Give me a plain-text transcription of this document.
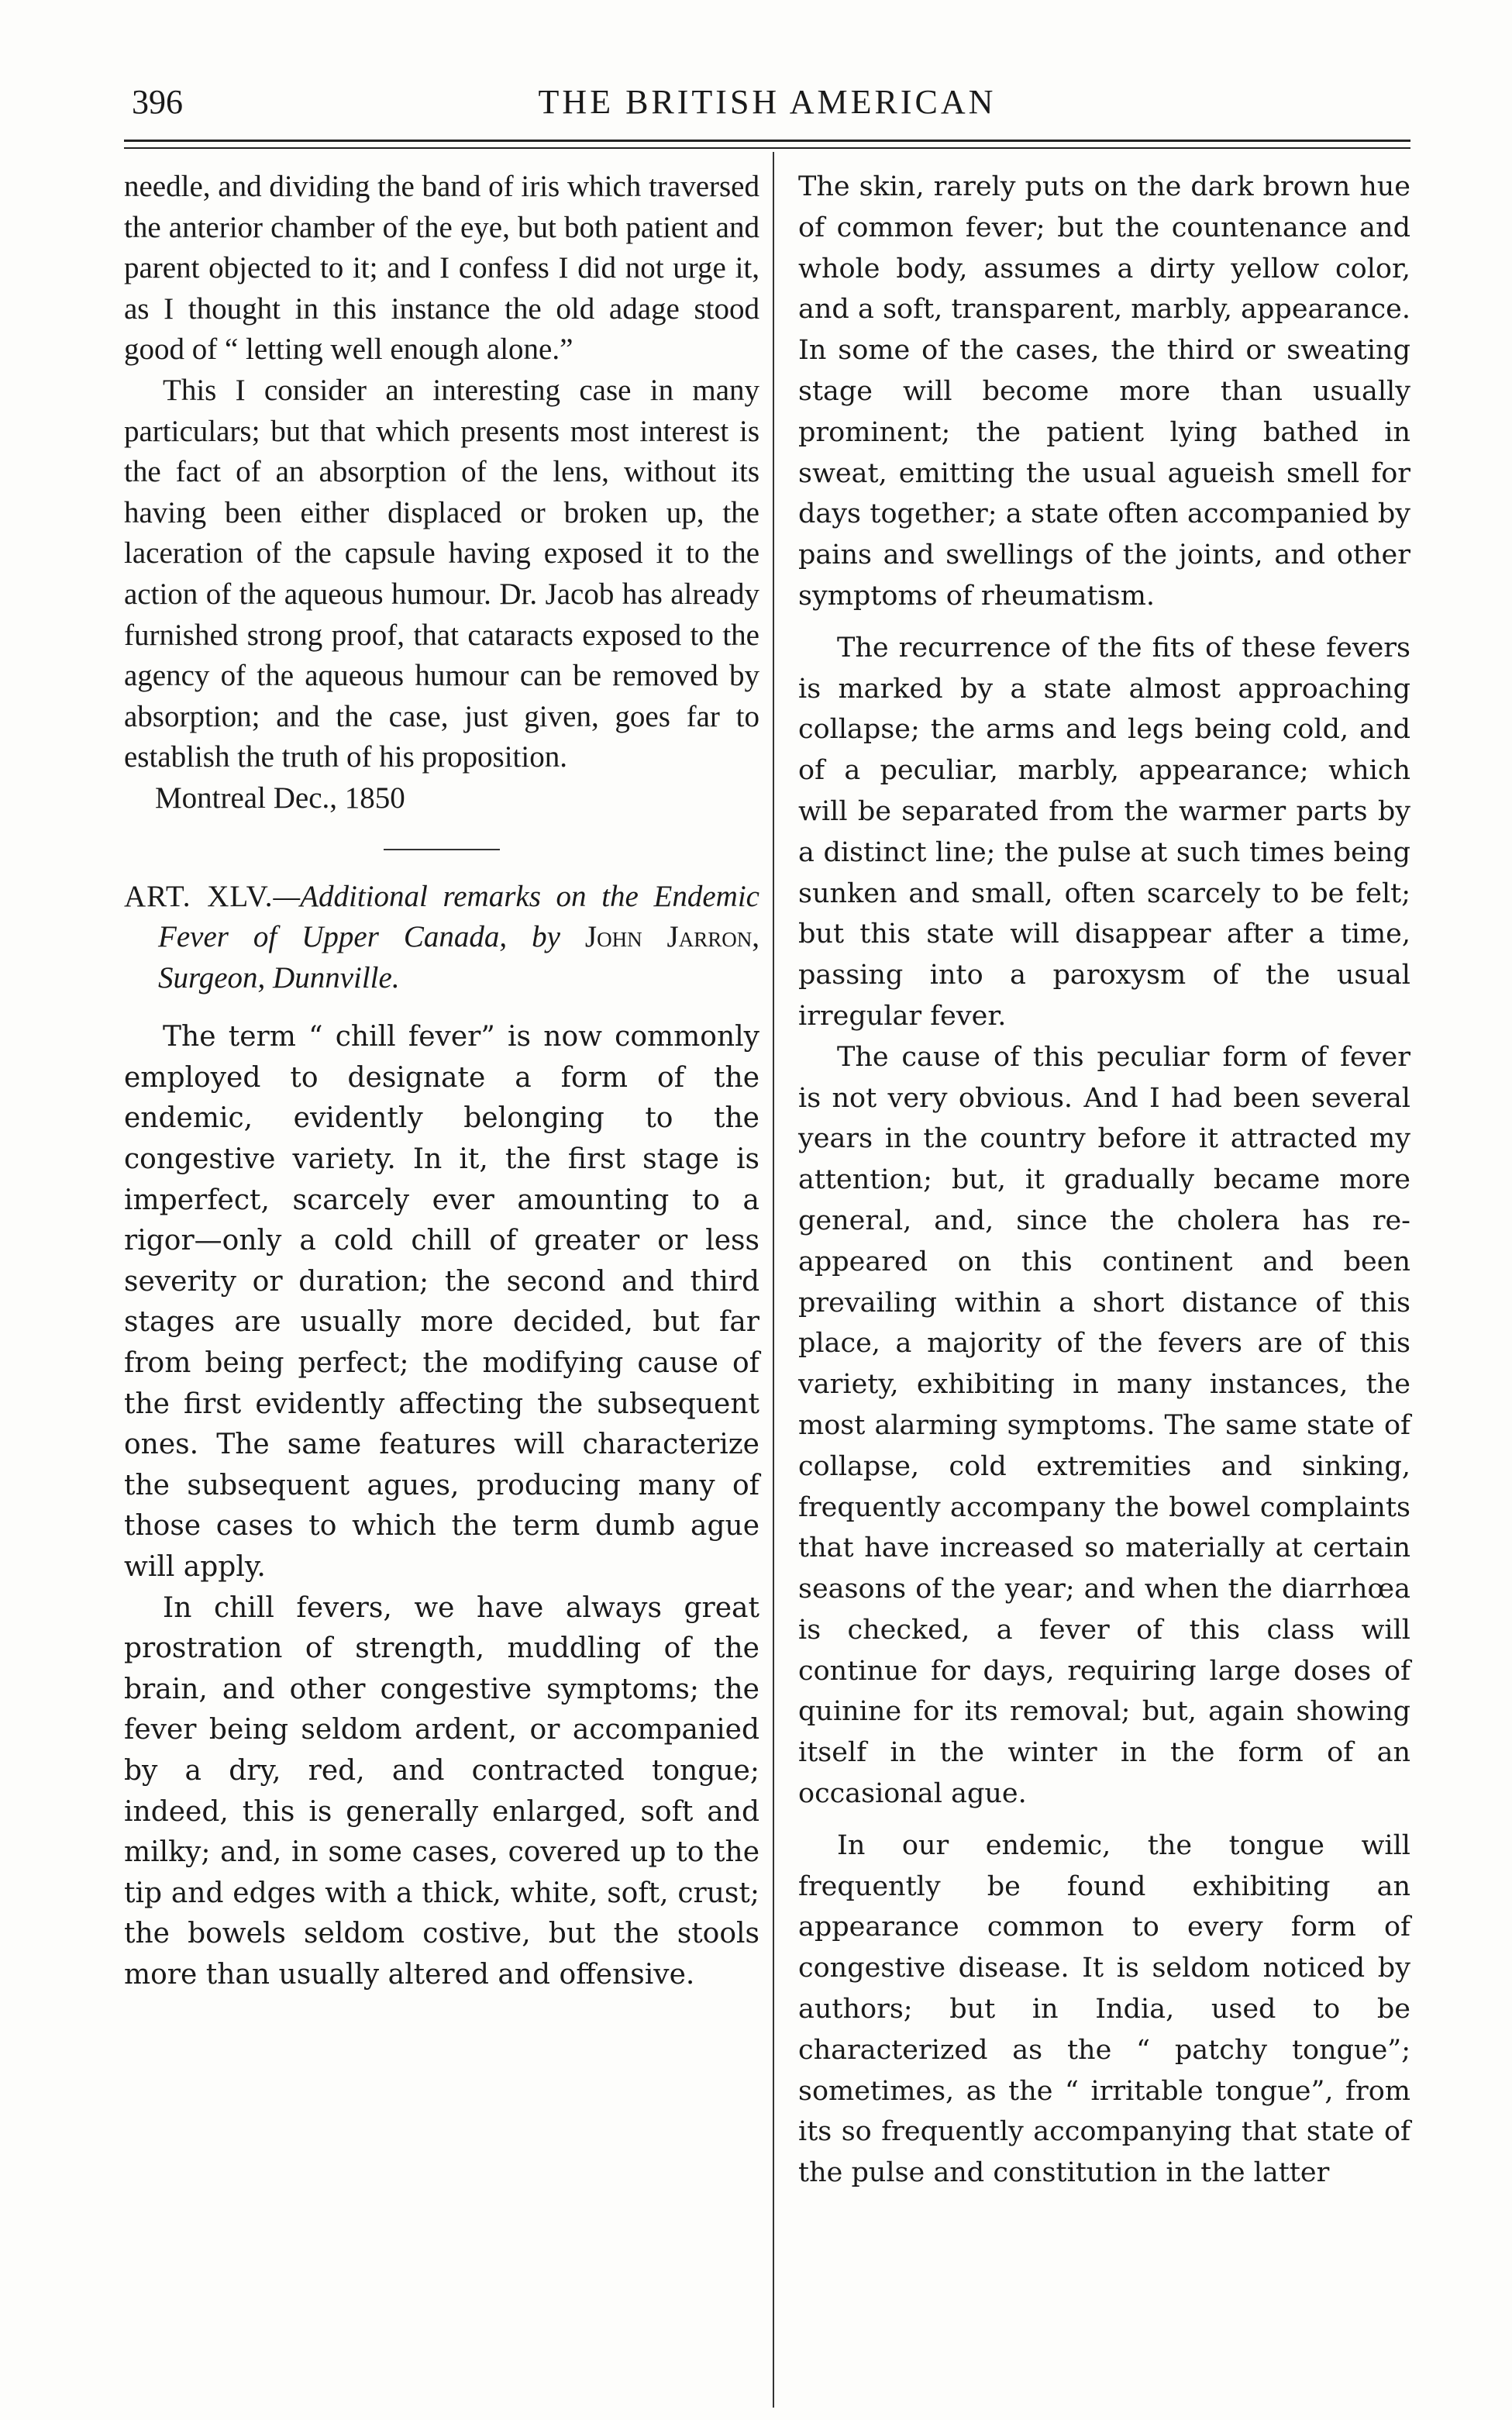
396	THE BRITISH AMERICAN

needle, and dividing the band of iris which traversed the anterior chamber of the eye, but both patient and parent objected to it; and I confess I did not urge it, as I thought in this instance the old adage stood good of “ letting well enough alone.”

This I consider an interesting case in many particulars; but that which presents most interest is the fact of an absorption of the lens, without its having been either displaced or broken up, the laceration of the capsule having exposed it to the action of the aqueous humour. Dr. Jacob has already furnished strong proof, that cataracts exposed to the agency of the aqueous humour can be removed by absorption; and the case, just given, goes far to establish the truth of his proposition.

Montreal Dec., 1850

ART. XLV.—Additional remarks on the Endemic Fever of Upper Canada, by John Jarron, Surgeon, Dunnville.

The term “ chill fever” is now commonly employed to designate a form of the endemic, evidently belonging to the congestive variety. In it, the first stage is imperfect, scarcely ever amounting to a rigor—only a cold chill of greater or less severity or duration; the second and third stages are usually more decided, but far from being perfect; the modifying cause of the first evidently affecting the subsequent ones. The same features will characterize the subsequent agues, producing many of those cases to which the term dumb ague will apply.

In chill fevers, we have always great prostration of strength, muddling of the brain, and other congestive symptoms; the fever being seldom ardent, or accompanied by a dry, red, and contracted tongue; indeed, this is generally enlarged, soft and milky; and, in some cases, covered up to the tip and edges with a thick, white, soft, crust; the bowels seldom costive, but the stools more than usually altered and offensive.

The skin, rarely puts on the dark brown hue of common fever; but the countenance and whole body, assumes a dirty yellow color, and a soft, transparent, marbly, appearance. In some of the cases, the third or sweating stage will become more than usually prominent; the patient lying bathed in sweat, emitting the usual agueish smell for days together; a state often accompanied by pains and swellings of the joints, and other symptoms of rheumatism.

The recurrence of the fits of these fevers is marked by a state almost approaching collapse; the arms and legs being cold, and of a peculiar, marbly, appearance; which will be separated from the warmer parts by a distinct line; the pulse at such times being sunken and small, often scarcely to be felt; but this state will disappear after a time, passing into a paroxysm of the usual irregular fever.

The cause of this peculiar form of fever is not very obvious. And I had been several years in the country before it attracted my attention; but, it gradually became more general, and, since the cholera has re-appeared on this continent and been prevailing within a short distance of this place, a majority of the fevers are of this variety, exhibiting in many instances, the most alarming symptoms. The same state of collapse, cold extremities and sinking, frequently accompany the bowel complaints that have increased so materially at certain seasons of the year; and when the diarrhœa is checked, a fever of this class will continue for days, requiring large doses of quinine for its removal; but, again showing itself in the winter in the form of an occasional ague.

In our endemic, the tongue will frequently be found exhibiting an appearance common to every form of congestive disease. It is seldom noticed by authors; but in India, used to be characterized as the “ patchy tongue”; sometimes, as the “ irritable tongue”, from its so frequently accompanying that state of the pulse and constitution in the latter
